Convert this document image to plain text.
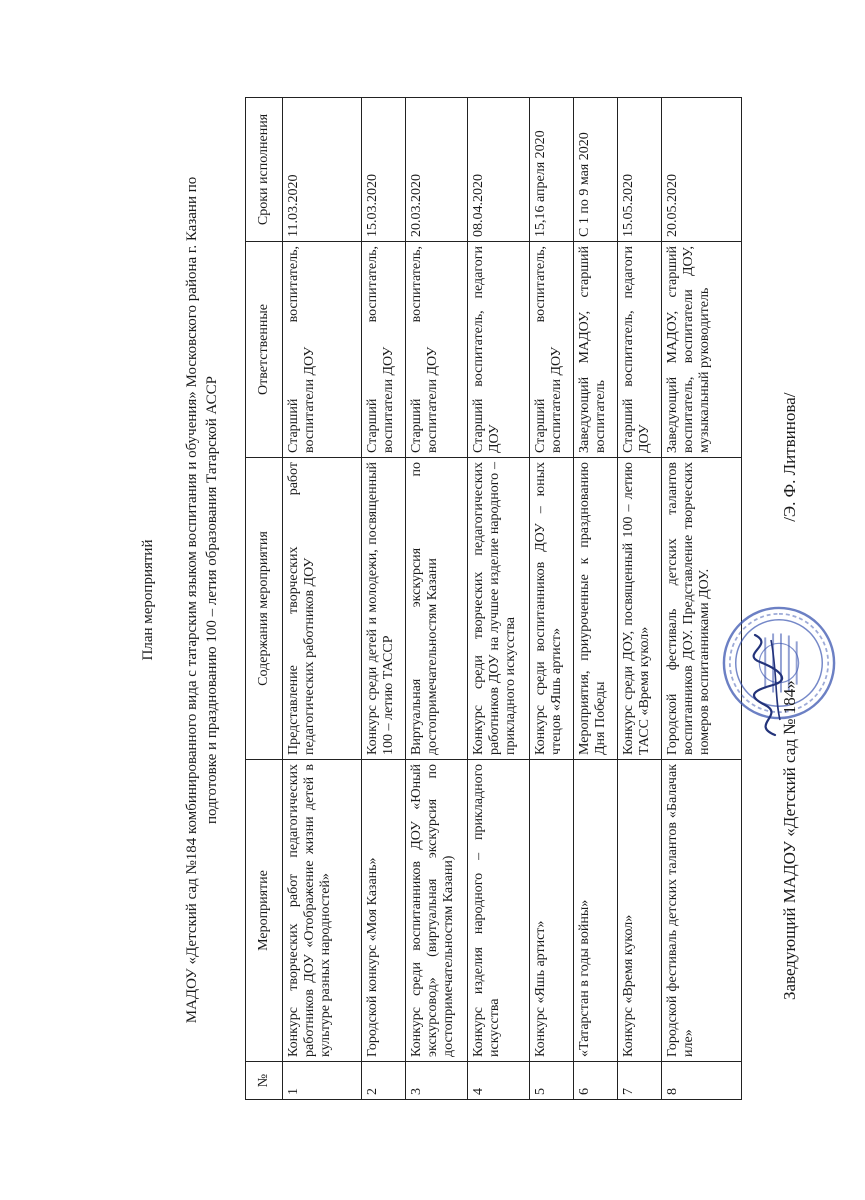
План мероприятий МАДОУ «Детский сад №184 комбинированного вида с татарским языком воспитания и обучения» Московского района г. Казани по подготовке и празднованию 100 – летия образования Татарской АССР
№	Мероприятие	Содержания мероприятия	Ответственные	Сроки исполнения
1	Конкурс творческих работ педагогических работников ДОУ «Отображение жизни детей в культуре разных народностей»	Представление творческих работ педагогических работников ДОУ	Старший воспитатель, воспитатели ДОУ	11.03.2020
2	Городской конкурс «Моя Казань»	Конкурс среди детей и молодежи, посвященный 100 – летию ТАССР	Старший воспитатель, воспитатели ДОУ	15.03.2020
3	Конкурс среди воспитанников ДОУ «Юный экскурсовод» (виртуальная экскурсия по достопримечательностям Казани)	Виртуальная экскурсия по достопримечательностям Казани	Старший воспитатель, воспитатели ДОУ	20.03.2020
4	Конкурс изделия народного – прикладного искусства	Конкурс среди творческих педагогических работников ДОУ на лучшее изделие народного – прикладного искусства	Старший воспитатель, педагоги ДОУ	08.04.2020
5	Конкурс «Яшь артист»	Конкурс среди воспитанников ДОУ – юных чтецов «Яшь артист»	Старший воспитатель, воспитатели ДОУ	15,16 апреля 2020
6	«Татарстан в годы войны»	Мероприятия, приуроченные к празднованию Дня Победы	Заведующий МАДОУ, старший воспитатель	С 1 по 9 мая 2020
7	Конкурс «Время кукол»	Конкурс среди ДОУ, посвященный 100 – летию ТАСС «Время кукол»	Старший воспитатель, педагоги ДОУ	15.05.2020
8	Городской фестиваль детских талантов «Балачак иле»	Городской фестиваль детских талантов воспитанников ДОУ. Представление творческих номеров воспитанниками ДОУ.	Заведующий МАДОУ, старший воспитатель, воспитатели ДОУ, музыкальный руководитель	20.05.2020
Заведующий МАДОУ «Детский сад № 184»  /Э. Ф. Литвинова/
